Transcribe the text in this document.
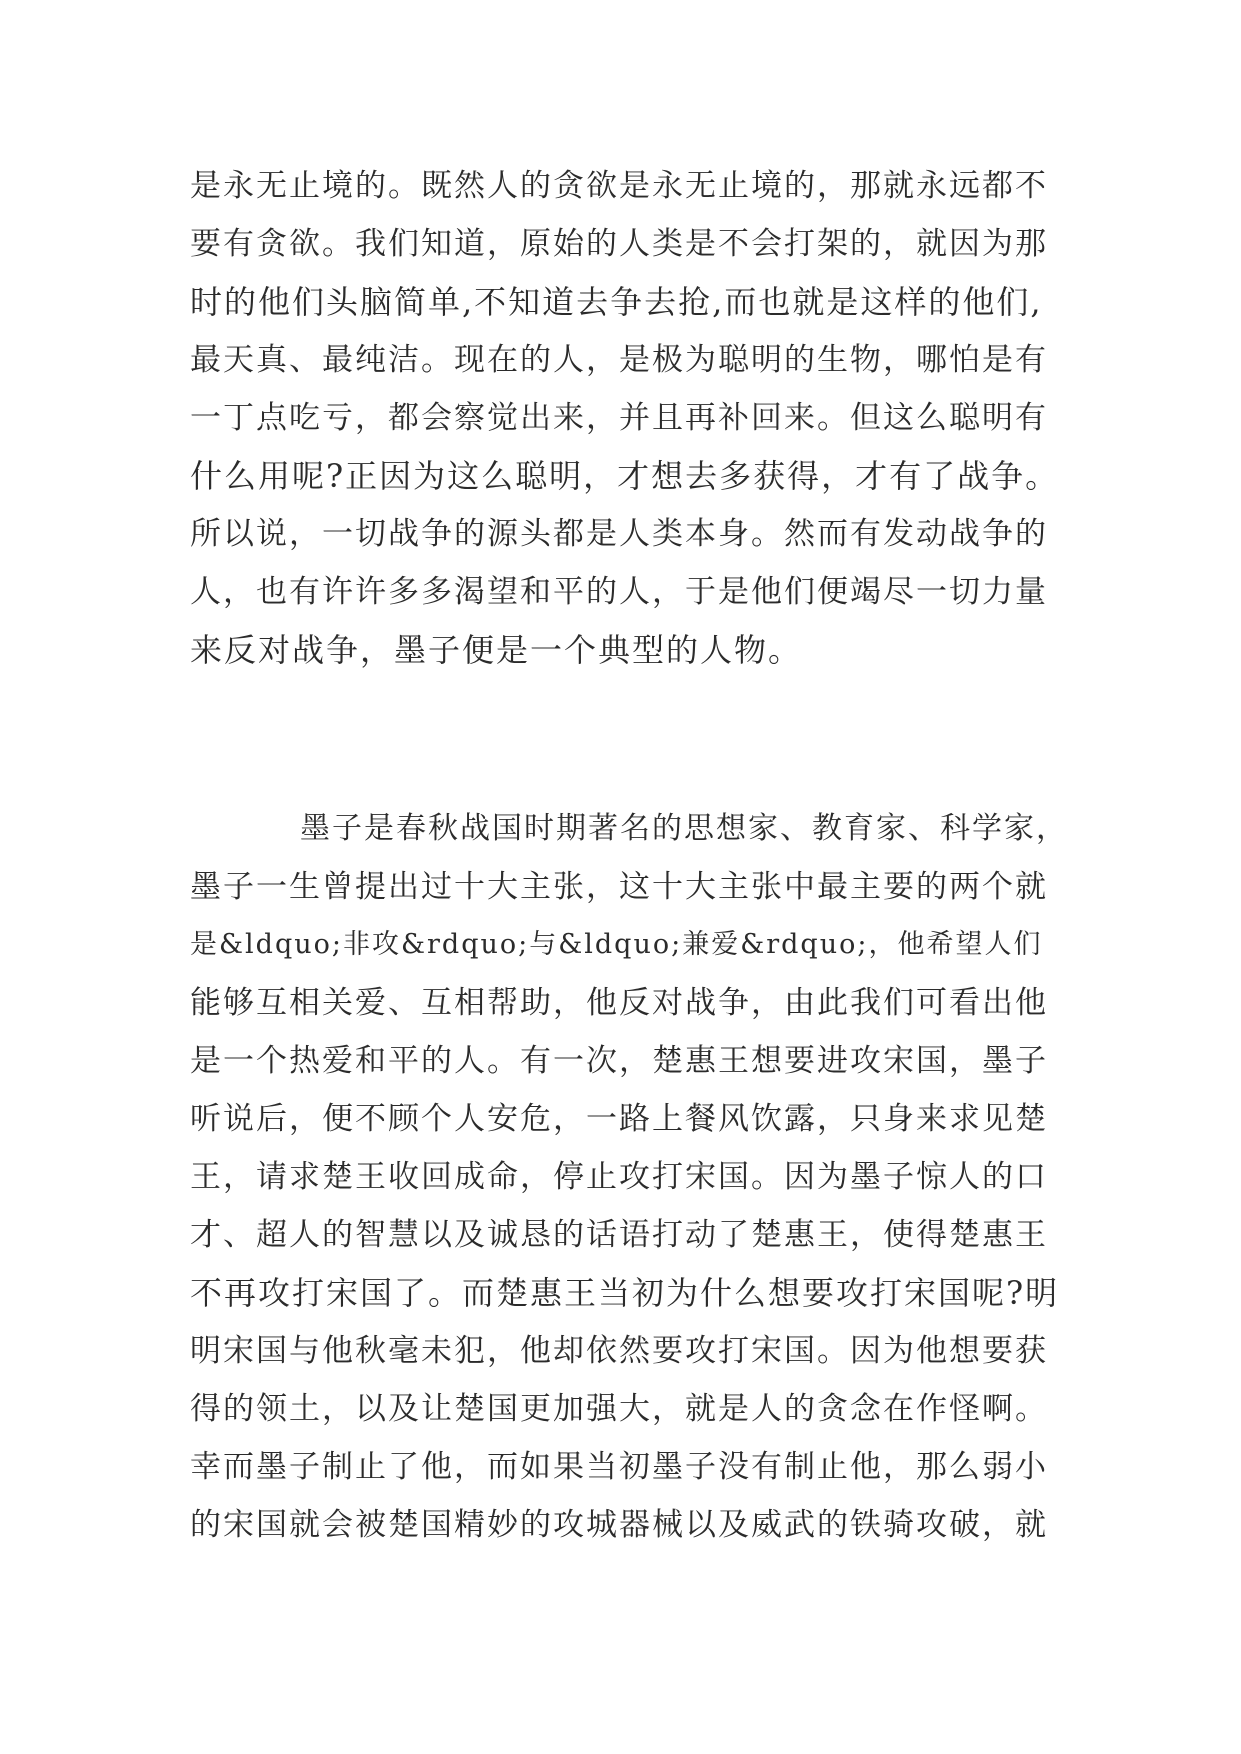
是永无止境的。既然人的贪欲是永无止境的，那就永远都不
要有贪欲。我们知道，原始的人类是不会打架的，就因为那
时的他们头脑简单,不知道去争去抢,而也就是这样的他们,
最天真、最纯洁。现在的人，是极为聪明的生物，哪怕是有
一丁点吃亏，都会察觉出来，并且再补回来。但这么聪明有
什么用呢?正因为这么聪明，才想去多获得，才有了战争。
所以说，一切战争的源头都是人类本身。然而有发动战争的
人，也有许许多多渴望和平的人，于是他们便竭尽一切力量
来反对战争，墨子便是一个典型的人物。
墨子是春秋战国时期著名的思想家、教育家、科学家，
墨子一生曾提出过十大主张，这十大主张中最主要的两个就
是&ldquo;非攻&rdquo;与&ldquo;兼爱&rdquo;，他希望人们
能够互相关爱、互相帮助，他反对战争，由此我们可看出他
是一个热爱和平的人。有一次，楚惠王想要进攻宋国，墨子
听说后，便不顾个人安危，一路上餐风饮露，只身来求见楚
王，请求楚王收回成命，停止攻打宋国。因为墨子惊人的口
才、超人的智慧以及诚恳的话语打动了楚惠王，使得楚惠王
不再攻打宋国了。而楚惠王当初为什么想要攻打宋国呢?明
明宋国与他秋毫未犯，他却依然要攻打宋国。因为他想要获
得的领土，以及让楚国更加强大，就是人的贪念在作怪啊。
幸而墨子制止了他，而如果当初墨子没有制止他，那么弱小
的宋国就会被楚国精妙的攻城器械以及威武的铁骑攻破，就
